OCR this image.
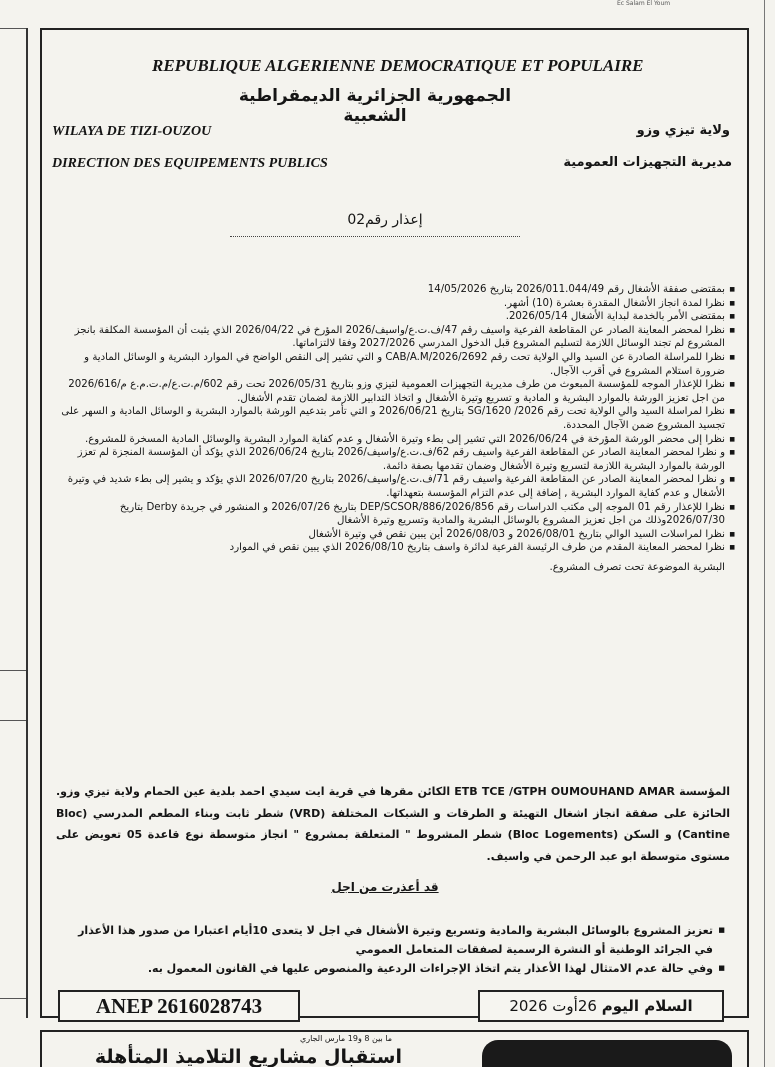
Ec Salam El Youm
REPUBLIQUE ALGERIENNE DEMOCRATIQUE ET POPULAIRE
الجمهورية الجزائرية الديمقراطية الشعبية
WILAYA DE TIZI-OUZOU	ولاية تيزي وزو
DIRECTION DES EQUIPEMENTS PUBLICS	مديرية التجهيزات العمومية
إعذار رقم02
■ بمقتضى صفقة الأشغال رقم 2026/011.044/49 بتاريخ 14/05/2026
■ نظرا لمدة انجاز الأشغال المقدرة بعشرة (10) أشهر.
■ بمقتضى الأمر بالخدمة لبداية الأشغال 2026/05/14.
■ نظرا لمحضر المعاينة الصادر عن المقاطعة الفرعية واسيف رقم 47/ف.ت.ع/واسيف/2026 المؤرخ في 2026/04/22 الذي يثبت أن المؤسسة المكلفة بانجز المشروع لم تجند الوسائل اللازمة لتسليم المشروع قبل الدخول المدرسي 2027/2026 وفقا لالتزاماتها.
■ نظرا للمراسلة الصادرة عن السيد والي الولاية تحت رقم 2692/CAB/A.M/2026 و التي تشير إلى النقص الواضح في الموارد البشرية و الوسائل المادية و ضرورة استلام المشروع في أقرب الآجال.
■ نظرا للإعذار الموجه للمؤسسة المبعوث من طرف مديرية التجهيزات العمومية لتيزي وزو بتاريخ 2026/05/31 تحت رقم 602/م.ت.ع/م.ت.م.ع م/2026/616 من اجل تعزيز الورشة بالموارد البشرية و المادية و تسريع وتيرة الأشغال و اتخاذ التدابير اللازمة لضمان تقدم الأشغال.
■ نظرا لمراسلة السيد والي الولاية تحت رقم 2026/ SG/1620 بتاريخ 2026/06/21 و التي تأمر بتدعيم الورشة بالموارد البشرية و الوسائل المادية و السهر على تجسيد المشروع ضمن الآجال المحددة.
■ نظرا إلى محضر الورشة المؤرخة في 2026/06/24 التي تشير إلى بطء وتيرة الأشغال و عدم كفاية الموارد البشرية والوسائل المادية المسخرة للمشروع.
■ و نظرا لمحضر المعاينة الصادر عن المقاطعة الفرعية واسيف رقم 62/ف.ت.ع/واسيف/2026 بتاريخ 2026/06/24 الذي يؤكد أن المؤسسة المنجزة لم تعزز الورشة بالموارد البشرية اللازمة لتسريع وتيرة الأشغال وضمان تقدمها بصفة دائمة.
■ و نظرا لمحضر المعاينة الصادر عن المقاطعة الفرعية واسيف رقم 71/ف.ت.ع/واسيف/2026 بتاريخ 2026/07/20 الذي يؤكد و يشير إلى بطء شديد في وتيرة الأشغال و عدم كفاية الموارد البشرية , إضافة إلى عدم التزام المؤسسة بتعهداتها.
■ نظرا للإعذار رقم 01 الموجه إلى مكتب الدراسات رقم 2026/856/DEP/SCSOR/886 بتاريخ 2026/07/26 و المنشور في جريدة Derby بتاريخ 2026/07/30وذلك من اجل تعزيز المشروع بالوسائل البشرية والمادية وتسريع وتيرة الأشغال
■ نظرا لمراسلات السيد الوالي بتاريخ 2026/08/01 و 2026/08/03 أين يبين نقص في وتيرة الأشغال
■ نظرا لمحضر المعاينة المقدم من طرف الرئيسة الفرعية لدائرة واسف بتاريخ 2026/08/10 الذي يبين نقص في الموارد
البشرية الموضوعة تحت تصرف المشروع.
المؤسسة ETB TCE /GTPH OUMOUHAND AMAR الكائن مقرها في قرية ايت سيدي احمد بلدية عين الحمام ولاية تيزي وزو. الحائزة على صفقة انجاز اشغال التهيئة و الطرقات و الشبكات المختلفة (VRD) شطر ثابت وبناء المطعم المدرسي (Bloc Cantine) و السكن (Bloc Logements) شطر المشروط " المتعلقة بمشروع " انجاز متوسطة نوع قاعدة 05 تعويض على مستوى متوسطة ابو عبد الرحمن في واسيف.
قد أعذرت من اجل
■ تعزيز المشروع بالوسائل البشرية والمادية وتسريع وتيرة الأشغال في اجل لا يتعدى 10أيام اعتبارا من صدور هذا الأعذار في الجرائد الوطنية أو النشرة الرسمية لصفقات المتعامل العمومي
■ وفي حالة عدم الامتثال لهذا الأعذار يتم اتخاذ الإجراءات الردعية والمنصوص عليها في القانون المعمول به.
ANEP 2616028743	السلام اليوم 26أوت 2026
ما بين 8 و19 مارس الجاري
استقبال مشاريع التلاميذ المتأهلة
